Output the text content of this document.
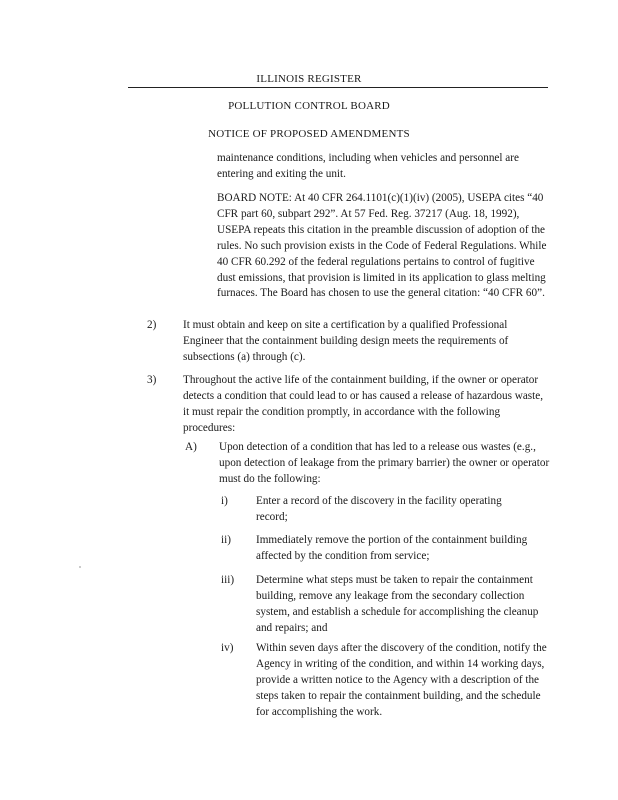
ILLINOIS REGISTER
POLLUTION CONTROL BOARD
NOTICE OF PROPOSED AMENDMENTS

maintenance conditions, including when vehicles and personnel are entering and exiting the unit.

BOARD NOTE: At 40 CFR 264.1101(c)(1)(iv) (2005), USEPA cites “40 CFR part 60, subpart 292”. At 57 Fed. Reg. 37217 (Aug. 18, 1992), USEPA repeats this citation in the preamble discussion of adoption of the rules. No such provision exists in the Code of Federal Regulations. While 40 CFR 60.292 of the federal regulations pertains to control of fugitive dust emissions, that provision is limited in its application to glass melting furnaces. The Board has chosen to use the general citation: “40 CFR 60”.

2) It must obtain and keep on site a certification by a qualified Professional Engineer that the containment building design meets the requirements of subsections (a) through (c).

3) Throughout the active life of the containment building, if the owner or operator detects a condition that could lead to or has caused a release of hazardous waste, it must repair the condition promptly, in accordance with the following procedures:

A) Upon detection of a condition that has led to a release ous wastes (e.g., upon detection of leakage from the primary barrier) the owner or operator must do the following:

i)	Enter a record of the discovery in the facility operating record;

ii) Immediately remove the portion of the containment building affected by the condition from service;

iii) Determine what steps must be taken to repair the containment building, remove any leakage from the secondary collection system, and establish a schedule for accomplishing the cleanup and repairs; and

iv) Within seven days after the discovery of the condition, notify the Agency in writing of the condition, and within 14 working days, provide a written notice to the Agency with a description of the steps taken to repair the containment building, and the schedule for accomplishing the work.
